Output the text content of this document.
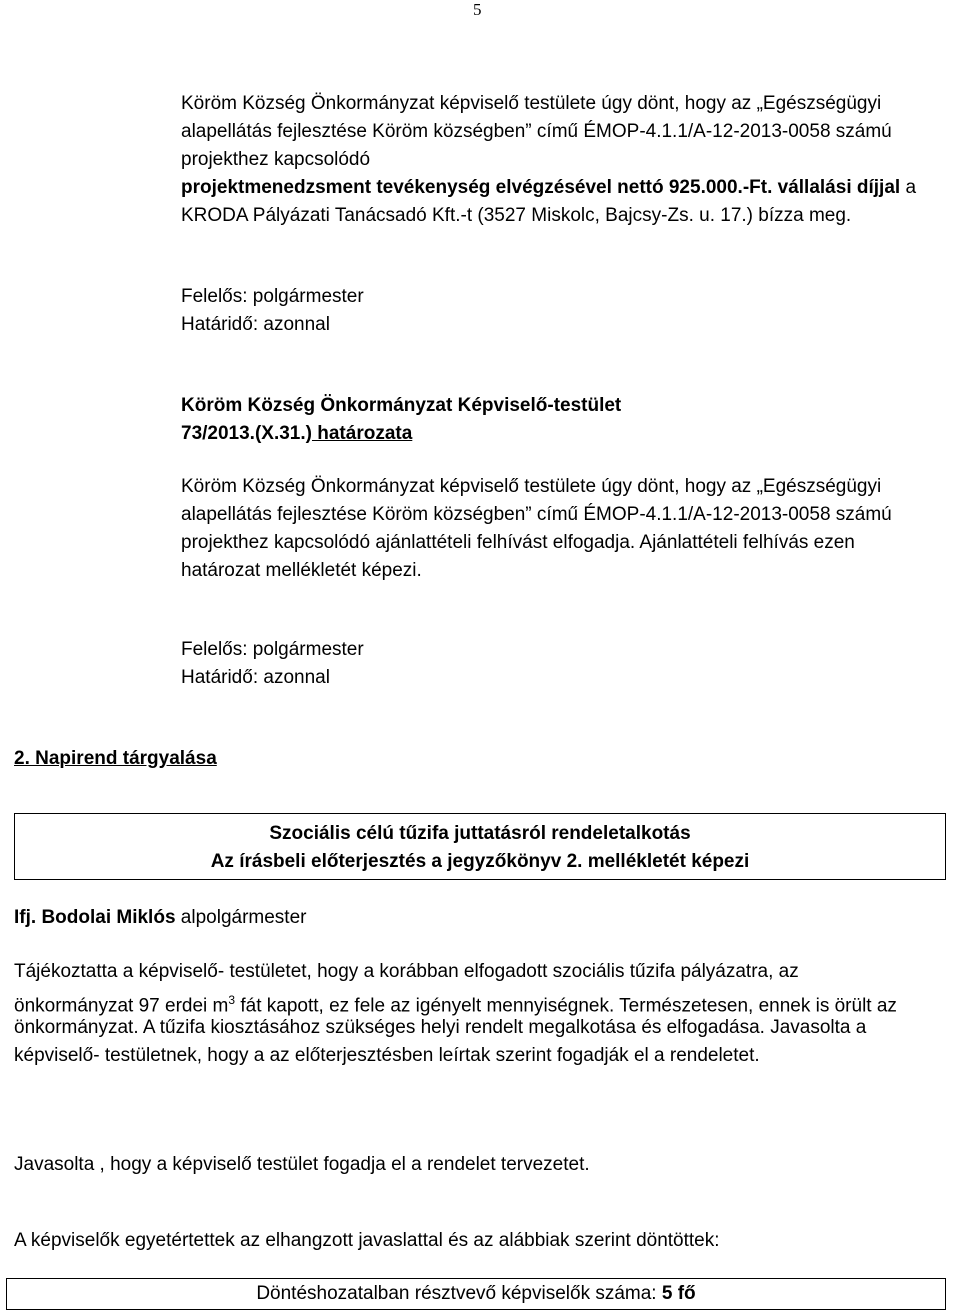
5
Köröm Község Önkormányzat képviselő testülete úgy dönt, hogy az „Egészségügyi
alapellátás fejlesztése Köröm községben” című ÉMOP-4.1.1/A-12-2013-0058 számú
projekthez kapcsolódó
projektmenedzsment tevékenység elvégzésével nettó 925.000.-Ft. vállalási díjjal a
KRODA Pályázati Tanácsadó Kft.-t (3527 Miskolc, Bajcsy-Zs. u. 17.) bízza meg.
Felelős: polgármester
Határidő: azonnal
Köröm Község Önkormányzat Képviselő-testület
73/2013.(X.31.) határozata
Köröm Község Önkormányzat képviselő testülete úgy dönt, hogy az „Egészségügyi
alapellátás fejlesztése Köröm községben” című ÉMOP-4.1.1/A-12-2013-0058 számú
projekthez kapcsolódó ajánlattételi felhívást elfogadja. Ajánlattételi felhívás ezen
határozat mellékletét képezi.
Felelős: polgármester
Határidő: azonnal
2. Napirend tárgyalása
Szociális célú tűzifa juttatásról rendeletalkotás
Az írásbeli előterjesztés a jegyzőkönyv 2. mellékletét képezi
Ifj. Bodolai Miklós alpolgármester
Tájékoztatta a képviselő- testületet, hogy a korábban elfogadott szociális tűzifa pályázatra, az
önkormányzat 97 erdei $m^3$ fát kapott, ez fele az igényelt mennyiségnek. Természetesen, ennek is örült az
önkormányzat. A tűzifa kiosztásához szükséges helyi rendelt megalkotása és elfogadása. Javasolta a
képviselő- testületnek, hogy a az előterjesztésben leírtak szerint fogadják el a rendeletet.
Javasolta , hogy a képviselő testület fogadja el a rendelet tervezetet.
A képviselők egyetértettek az elhangzott javaslattal és az alábbiak szerint döntöttek:
Döntéshozatalban résztvevő képviselők száma: 5 fő
